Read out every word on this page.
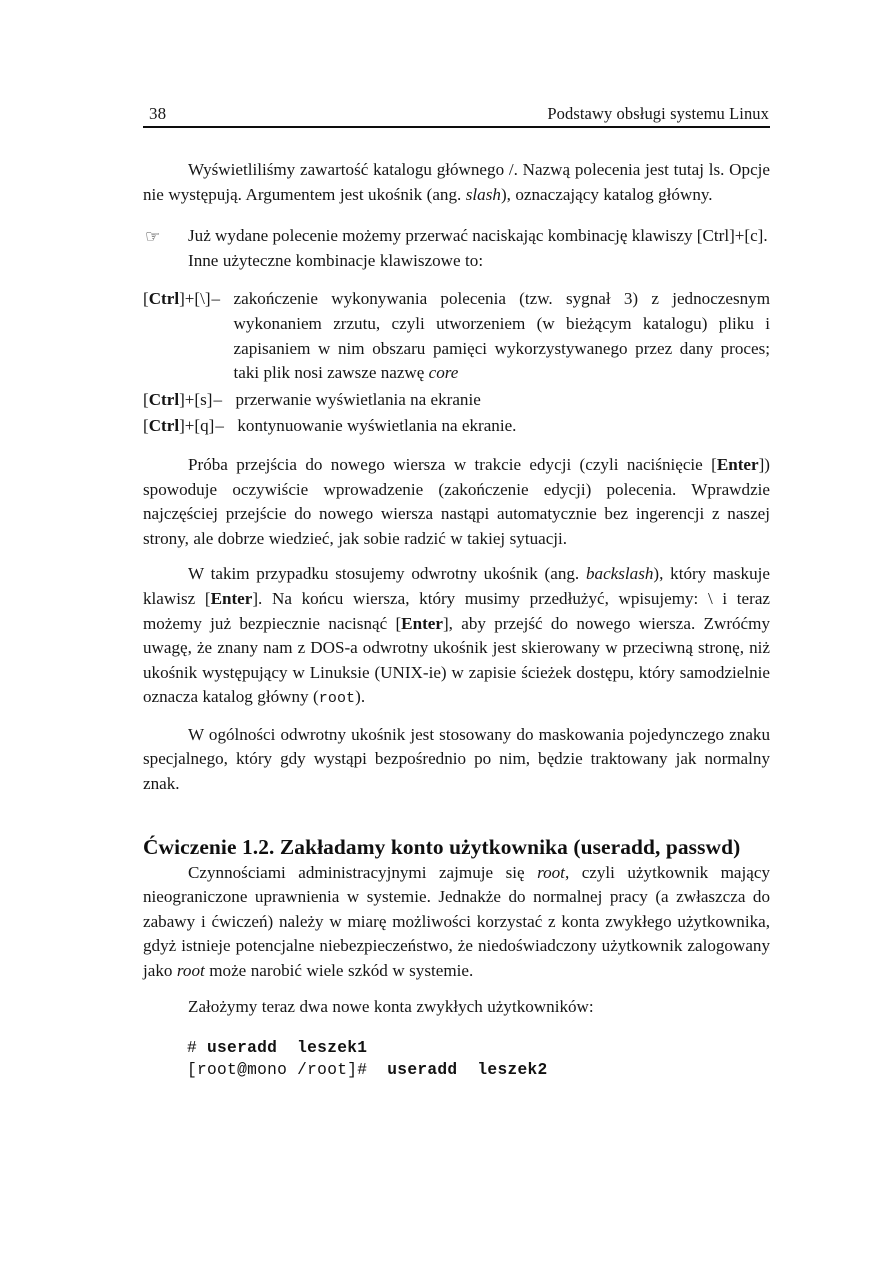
38	Podstawy obsługi systemu Linux

Wyświetliliśmy zawartość katalogu głównego /. Nazwą polecenia jest tutaj ls. Opcje nie występują. Argumentem jest ukośnik (ang. slash), oznaczający katalog główny.

☞ Już wydane polecenie możemy przerwać naciskając kombinację klawiszy [Ctrl]+[c].

Inne użyteczne kombinacje klawiszowe to:

[Ctrl]+[\] – zakończenie wykonywania polecenia (tzw. sygnał 3) z jednoczesnym wykonaniem zrzutu, czyli utworzeniem (w bieżącym katalogu) pliku i zapisaniem w nim obszaru pamięci wykorzystywanego przez dany proces; taki plik nosi zawsze nazwę core
[Ctrl]+[s] – przerwanie wyświetlania na ekranie
[Ctrl]+[q] – kontynuowanie wyświetlania na ekranie.

Próba przejścia do nowego wiersza w trakcie edycji (czyli naciśnięcie [Enter]) spowoduje oczywiście wprowadzenie (zakończenie edycji) polecenia. Wprawdzie najczęściej przejście do nowego wiersza nastąpi automatycznie bez ingerencji z naszej strony, ale dobrze wiedzieć, jak sobie radzić w takiej sytuacji.

W takim przypadku stosujemy odwrotny ukośnik (ang. backslash), który maskuje klawisz [Enter]. Na końcu wiersza, który musimy przedłużyć, wpisujemy: \ i teraz możemy już bezpiecznie nacisnąć [Enter], aby przejść do nowego wiersza. Zwróćmy uwagę, że znany nam z DOS-a odwrotny ukośnik jest skierowany w przeciwną stronę, niż ukośnik występujący w Linuksie (UNIX-ie) w zapisie ścieżek dostępu, który samodzielnie oznacza katalog główny (root).

W ogólności odwrotny ukośnik jest stosowany do maskowania pojedynczego znaku specjalnego, który gdy wystąpi bezpośrednio po nim, będzie traktowany jak normalny znak.

Ćwiczenie 1.2. Zakładamy konto użytkownika (useradd, passwd)

Czynnościami administracyjnymi zajmuje się root, czyli użytkownik mający nieograniczone uprawnienia w systemie. Jednakże do normalnej pracy (a zwłaszcza do zabawy i ćwiczeń) należy w miarę możliwości korzystać z konta zwykłego użytkownika, gdyż istnieje potencjalne niebezpieczeństwo, że niedoświadczony użytkownik zalogowany jako root może narobić wiele szkód w systemie.

Założymy teraz dwa nowe konta zwykłych użytkowników:

# useradd  leszek1
[root@mono /root]#  useradd  leszek2
